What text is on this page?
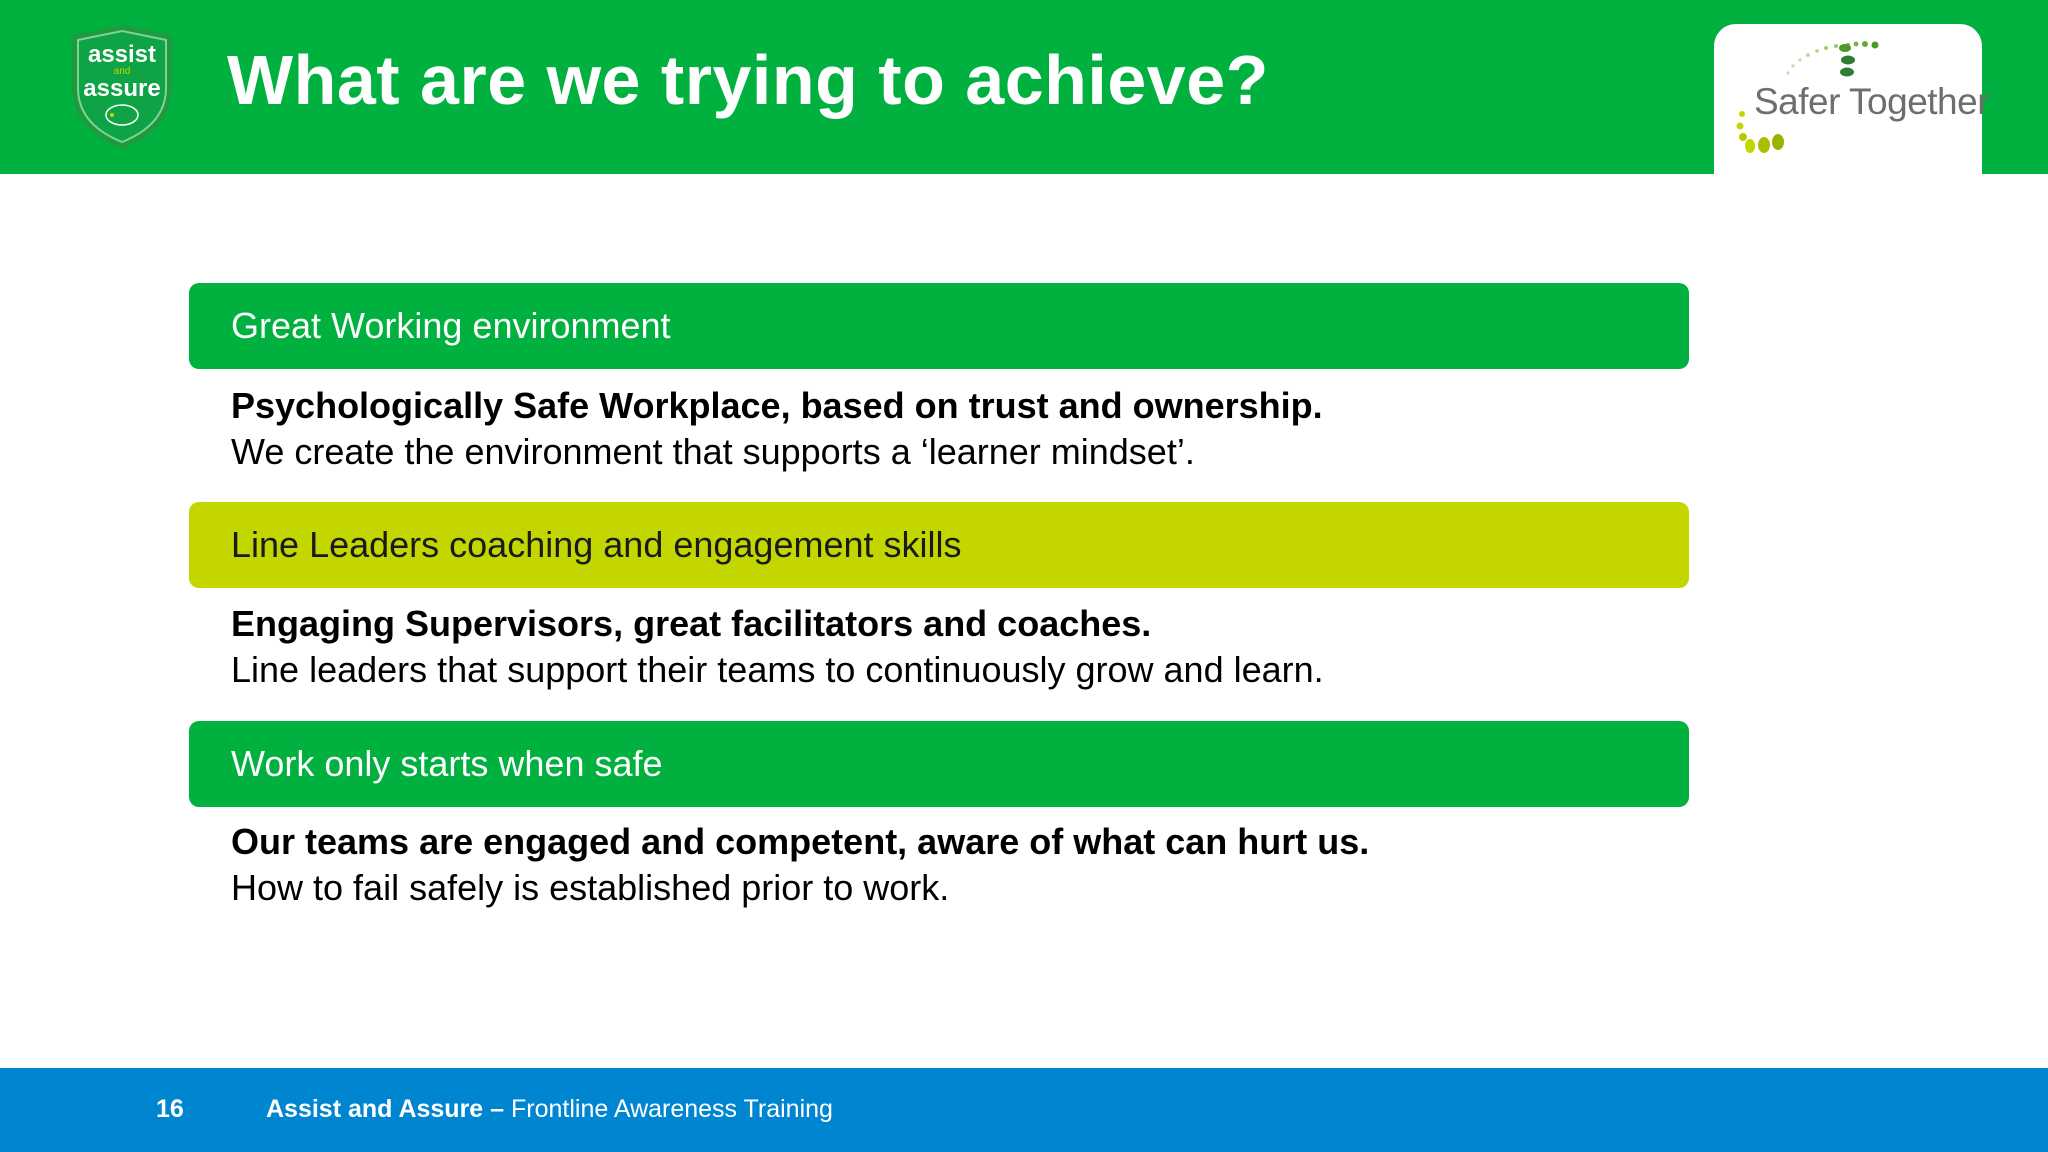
assist
and
assure What are we trying to achieve?	Safer Together
Great Working environment
Psychologically Safe Workplace, based on trust and ownership.
We create the environment that supports a ‘learner mindset’.
Line Leaders coaching and engagement skills
Engaging Supervisors, great facilitators and coaches.
Line leaders that support their teams to continuously grow and learn.
Work only starts when safe
Our teams are engaged and competent, aware of what can hurt us.
How to fail safely is established prior to work.
16	Assist and Assure – Frontline Awareness Training
